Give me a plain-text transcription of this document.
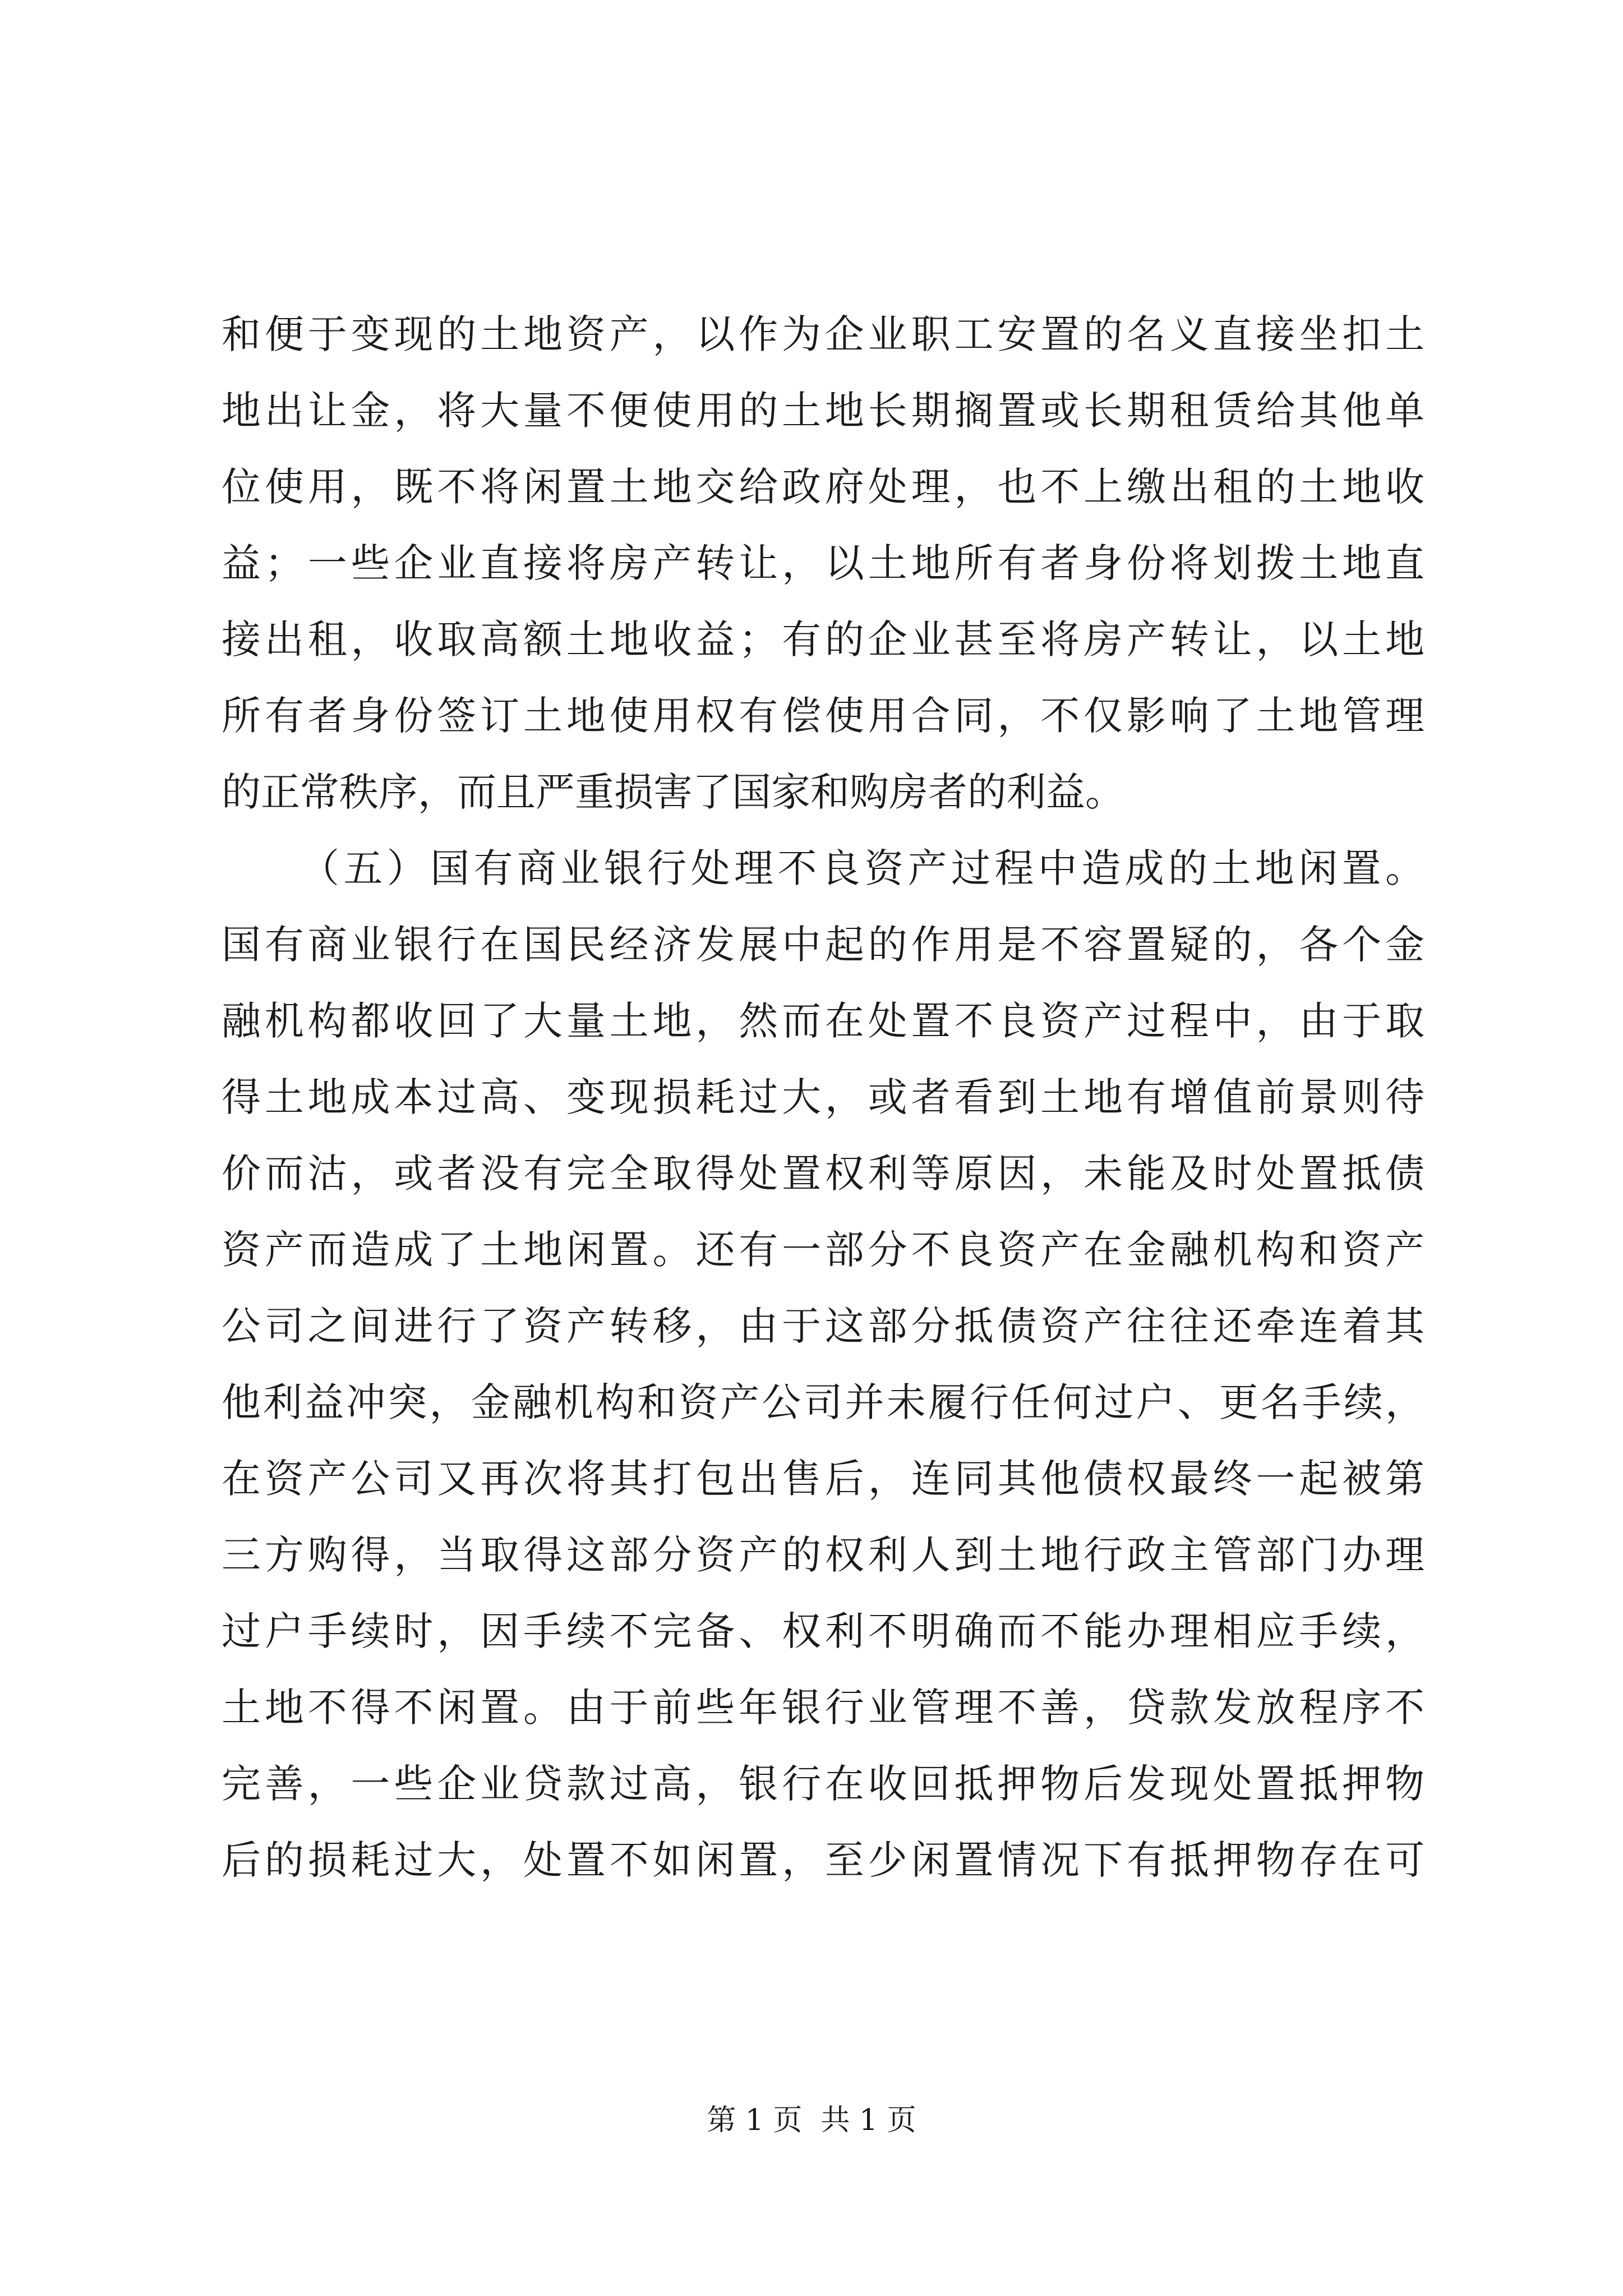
和便于变现的土地资产，以作为企业职工安置的名义直接坐扣土
地出让金，将大量不便使用的土地长期搁置或长期租赁给其他单
位使用，既不将闲置土地交给政府处理，也不上缴出租的土地收
益；一些企业直接将房产转让，以土地所有者身份将划拨土地直
接出租，收取高额土地收益；有的企业甚至将房产转让，以土地
所有者身份签订土地使用权有偿使用合同，不仅影响了土地管理
的正常秩序，而且严重损害了国家和购房者的利益。
（五）国有商业银行处理不良资产过程中造成的土地闲置。
国有商业银行在国民经济发展中起的作用是不容置疑的，各个金
融机构都收回了大量土地，然而在处置不良资产过程中，由于取
得土地成本过高、变现损耗过大，或者看到土地有增值前景则待
价而沽，或者没有完全取得处置权利等原因，未能及时处置抵债
资产而造成了土地闲置。还有一部分不良资产在金融机构和资产
公司之间进行了资产转移，由于这部分抵债资产往往还牵连着其
他利益冲突，金融机构和资产公司并未履行任何过户、更名手续，
在资产公司又再次将其打包出售后，连同其他债权最终一起被第
三方购得，当取得这部分资产的权利人到土地行政主管部门办理
过户手续时，因手续不完备、权利不明确而不能办理相应手续，
土地不得不闲置。由于前些年银行业管理不善，贷款发放程序不
完善，一些企业贷款过高，银行在收回抵押物后发现处置抵押物
后的损耗过大，处置不如闲置，至少闲置情况下有抵押物存在可
第 1 页  共 1 页
